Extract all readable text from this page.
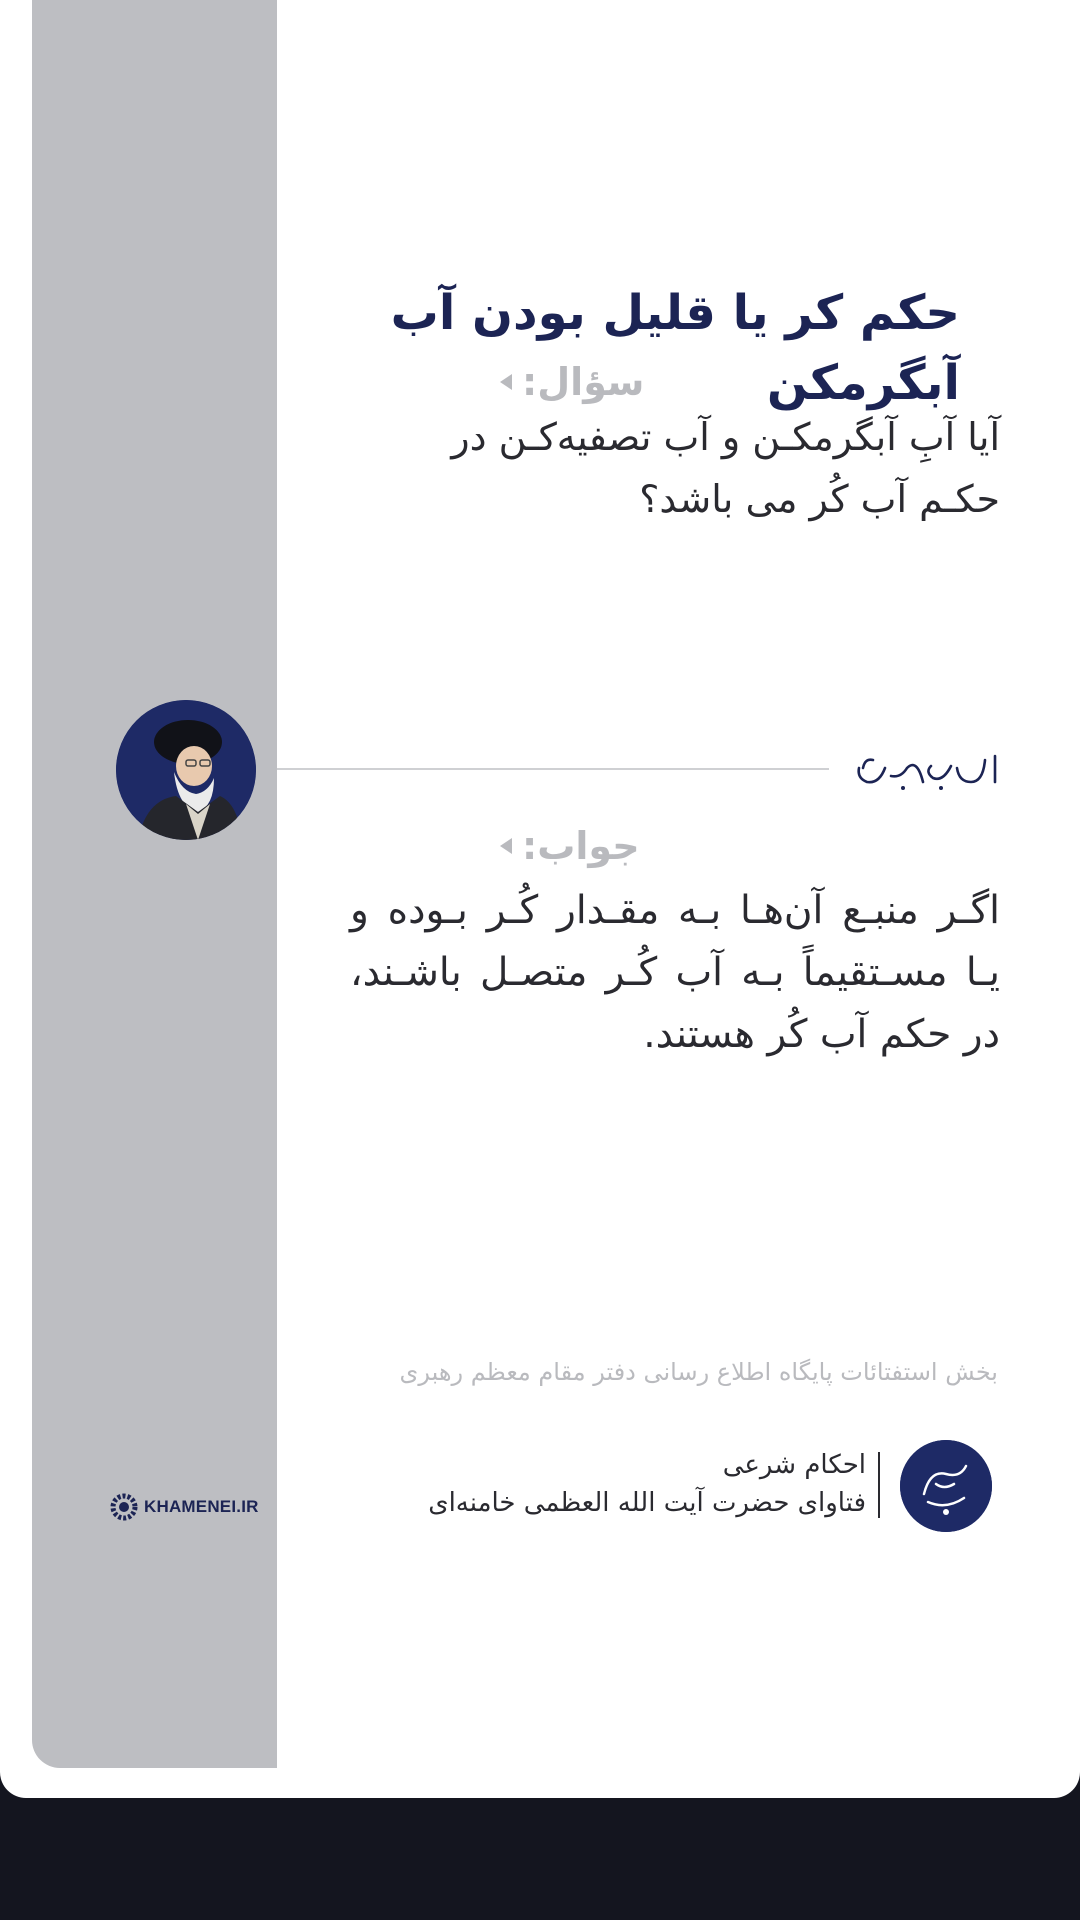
KHAMENEI.IR
حکم کر یا قلیل بودن آب آبگرمکن
سؤال:

آیا آبِ آبگرمکـن و آب تصفیه‌کـن در حکـم آب کُر می باشد؟

جواب:

اگـر منبـع آن‌هـا بـه مقـدار کُـر بـوده و یـا مسـتقیماً بـه آب کُـر متصـل باشـند، در حکم آب کُر هستند.

بخش استفتائات پایگاه اطلاع رسانی دفتر مقام معظم رهبری
احکام شرعی
فتاوای حضرت آیت الله العظمی خامنه‌ای
